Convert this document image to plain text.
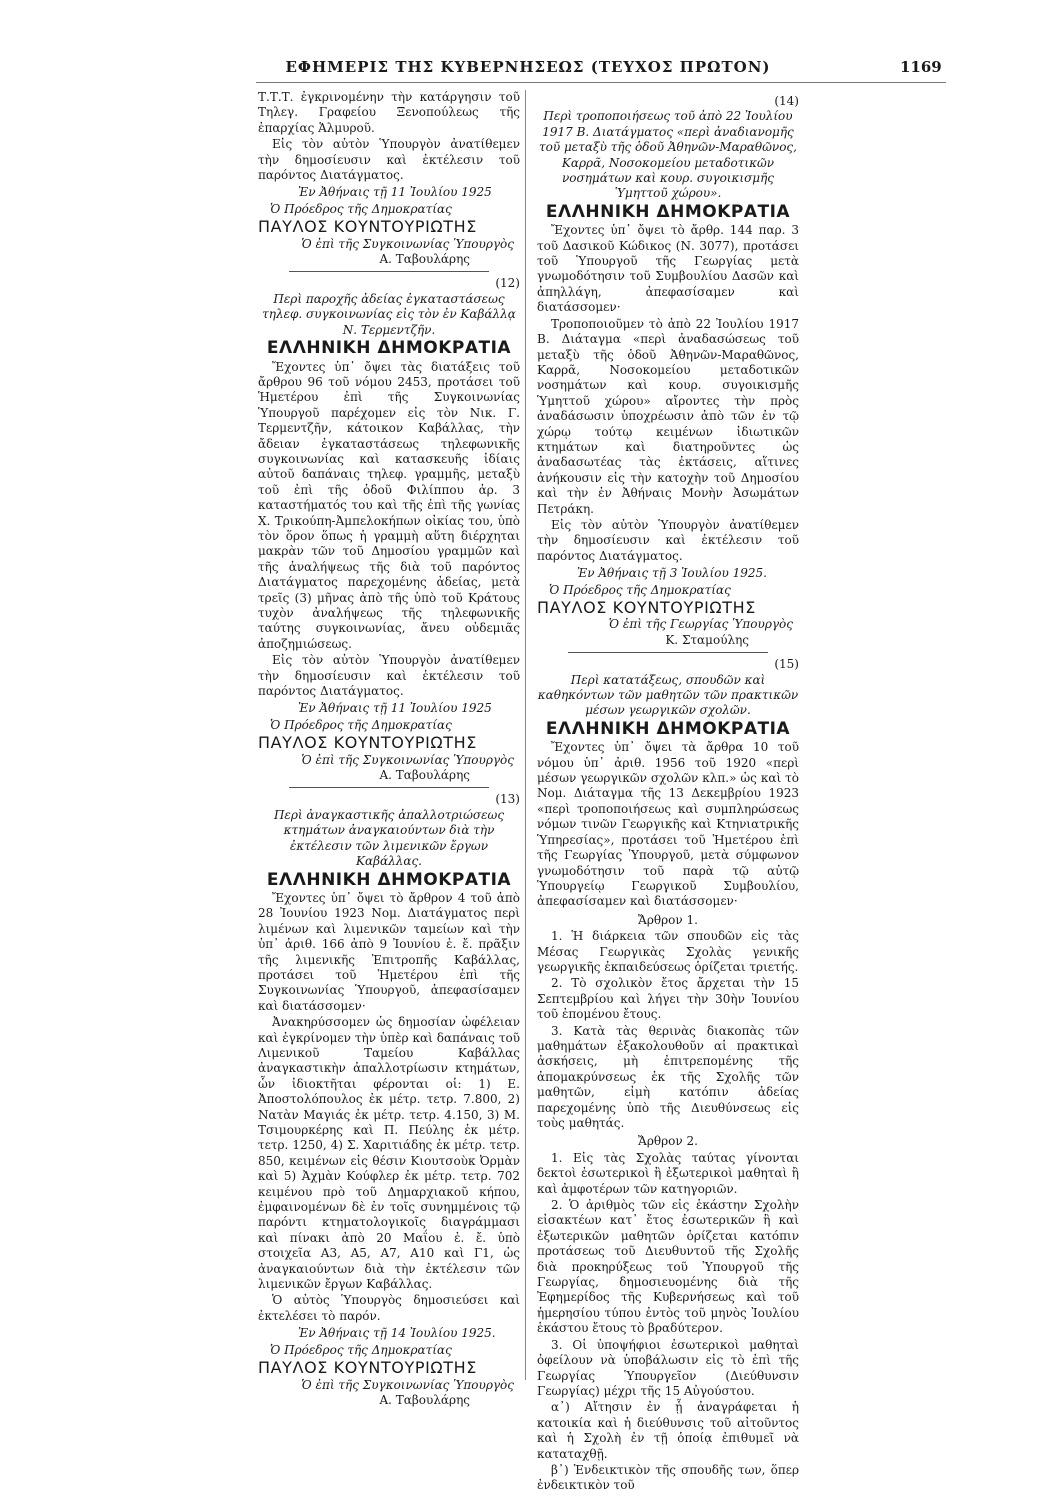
ΕΦΗΜΕΡΙΣ ΤΗΣ ΚΥΒΕΡΝΗΣΕΩΣ (ΤΕΥΧΟΣ ΠΡΩΤΟΝ)	1169

Τ.Τ.Τ. ἐγκρινομένην τὴν κατάργησιν τοῦ Τηλεγ. Γραφείου Ξενοπούλεως τῆς ἐπαρχίας Ἁλμυροῦ.

Εἰς τὸν αὐτὸν Ὑπουργὸν ἀνατίθεμεν τὴν δημοσίευσιν καὶ ἐκτέλεσιν τοῦ παρόντος Διατάγματος.

Ἐν Ἀθήναις τῇ 11 Ἰουλίου 1925

Ὁ Πρόεδρος τῆς Δημοκρατίας

ΠΑΥΛΟΣ ΚΟΥΝΤΟΥΡΙΩΤΗΣ

Ὁ ἐπὶ τῆς Συγκοινωνίας Ὑπουργὸς

Α. Ταβουλάρης

(12)

Περὶ παροχῆς ἀδείας ἐγκαταστάσεως τηλεφ. συγκοινωνίας εἰς τὸν ἐν Καβάλλᾳ Ν. Τερμεντζῆν.

ΕΛΛΗΝΙΚΗ ΔΗΜΟΚΡΑΤΙΑ

Ἔχοντες ὑπ᾽ ὄψει τὰς διατάξεις τοῦ ἄρθρου 96 τοῦ νόμου 2453, προτάσει τοῦ Ἡμετέρου ἐπὶ τῆς Συγκοινωνίας Ὑπουργοῦ παρέχομεν εἰς τὸν Νικ. Γ. Τερμεντζῆν, κάτοικον Καβάλλας, τὴν ἄδειαν ἐγκαταστάσεως τηλεφωνικῆς συγκοινωνίας καὶ κατασκευῆς ἰδίαις αὐτοῦ δαπάναις τηλεφ. γραμμῆς, μεταξὺ τοῦ ἐπὶ τῆς ὁδοῦ Φιλίππου ἀρ. 3 καταστήματός του καὶ τῆς ἐπὶ τῆς γωνίας Χ. Τρικούπη-Ἀμπελοκήπων οἰκίας του, ὑπὸ τὸν ὅρον ὅπως ἡ γραμμὴ αὕτη διέρχηται μακρὰν τῶν τοῦ Δημοσίου γραμμῶν καὶ τῆς ἀναλήψεως τῆς διὰ τοῦ παρόντος Διατάγματος παρεχομένης ἀδείας, μετὰ τρεῖς (3) μῆνας ἀπὸ τῆς ὑπὸ τοῦ Κράτους τυχὸν ἀναλήψεως τῆς τηλεφωνικῆς ταύτης συγκοινωνίας, ἄνευ οὐδεμιᾶς ἀποζημιώσεως.

Εἰς τὸν αὐτὸν Ὑπουργὸν ἀνατίθεμεν τὴν δημοσίευσιν καὶ ἐκτέλεσιν τοῦ παρόντος Διατάγματος.

Ἐν Ἀθήναις τῇ 11 Ἰουλίου 1925

Ὁ Πρόεδρος τῆς Δημοκρατίας

ΠΑΥΛΟΣ ΚΟΥΝΤΟΥΡΙΩΤΗΣ

Ὁ ἐπὶ τῆς Συγκοινωνίας Ὑπουργὸς

Α. Ταβουλάρης

(13)

Περὶ ἀναγκαστικῆς ἀπαλλοτριώσεως κτημάτων ἀναγκαιούντων διὰ τὴν ἐκτέλεσιν τῶν λιμενικῶν ἔργων Καβάλλας.

ΕΛΛΗΝΙΚΗ ΔΗΜΟΚΡΑΤΙΑ

Ἔχοντες ὑπ᾽ ὄψει τὸ ἄρθρον 4 τοῦ ἀπὸ 28 Ἰουνίου 1923 Νομ. Διατάγματος περὶ λιμένων καὶ λιμενικῶν ταμείων καὶ τὴν ὑπ᾽ ἀριθ. 166 ἀπὸ 9 Ἰουνίου ἐ. ἔ. πρᾶξιν τῆς λιμενικῆς Ἐπιτροπῆς Καβάλλας, προτάσει τοῦ Ἡμετέρου ἐπὶ τῆς Συγκοινωνίας Ὑπουργοῦ, ἀπεφασίσαμεν καὶ διατάσσομεν·

Ἀνακηρύσσομεν ὡς δημοσίαν ὠφέλειαν καὶ ἐγκρίνομεν τὴν ὑπὲρ καὶ δαπάναις τοῦ Λιμενικοῦ Ταμείου Καβάλλας ἀναγκαστικὴν ἀπαλλοτρίωσιν κτημάτων, ὧν ἰδιοκτῆται φέρονται οἱ: 1) Ε. Ἀποστολόπουλος ἐκ μέτρ. τετρ. 7.800, 2) Νατὰν Μαγιάς ἐκ μέτρ. τετρ. 4.150, 3) Μ. Τσιμουρκέρης καὶ Π. Πεύλης ἐκ μέτρ. τετρ. 1250, 4) Σ. Χαριτιάδης ἐκ μέτρ. τετρ. 850, κειμένων εἰς θέσιν Κιουτσοὺκ Ὀρμὰν καὶ 5) Ἀχμὰν Κούφλερ ἐκ μέτρ. τετρ. 702 κειμένου πρὸ τοῦ Δημαρχιακοῦ κήπου, ἐμφαινομένων δὲ ἐν τοῖς συνημμένοις τῷ παρόντι κτηματολογικοῖς διαγράμμασι καὶ πίνακι ἀπὸ 20 Μαΐου ἐ. ἔ. ὑπὸ στοιχεῖα Α3, Α5, Α7, Α10 καὶ Γ1, ὡς ἀναγκαιούντων διὰ τὴν ἐκτέλεσιν τῶν λιμενικῶν ἔργων Καβάλλας.

Ὁ αὐτὸς Ὑπουργὸς δημοσιεύσει καὶ ἐκτελέσει τὸ παρόν.

Ἐν Ἀθήναις τῇ 14 Ἰουλίου 1925.

Ὁ Πρόεδρος τῆς Δημοκρατίας

ΠΑΥΛΟΣ ΚΟΥΝΤΟΥΡΙΩΤΗΣ

Ὁ ἐπὶ τῆς Συγκοινωνίας Ὑπουργὸς

Α. Ταβουλάρης

(14)

Περὶ τροποποιήσεως τοῦ ἀπὸ 22 Ἰουλίου 1917 Β. Διατάγματος «περὶ ἀναδιανομῆς τοῦ μεταξὺ τῆς ὁδοῦ Ἀθηνῶν-Μαραθῶνος, Καρρᾶ, Νοσοκομείου μεταδοτικῶν νοσημάτων καὶ κουρ. συγοικισμῆς Ὑμηττοῦ χώρου».

ΕΛΛΗΝΙΚΗ ΔΗΜΟΚΡΑΤΙΑ

Ἔχοντες ὑπ᾽ ὄψει τὸ ἄρθρ. 144 παρ. 3 τοῦ Δασικοῦ Κώδικος (Ν. 3077), προτάσει τοῦ Ὑπουργοῦ τῆς Γεωργίας μετὰ γνωμοδότησιν τοῦ Συμβουλίου Δασῶν καὶ ἀπηλλάγη, ἀπεφασίσαμεν καὶ διατάσσομεν·

Τροποποιοῦμεν τὸ ἀπὸ 22 Ἰουλίου 1917 Β. Διάταγμα «περὶ ἀναδασώσεως τοῦ μεταξὺ τῆς ὁδοῦ Ἀθηνῶν-Μαραθῶνος, Καρρᾶ, Νοσοκομείου μεταδοτικῶν νοσημάτων καὶ κουρ. συγοικισμῆς Ὑμηττοῦ χώρου» αἴροντες τὴν πρὸς ἀναδάσωσιν ὑποχρέωσιν ἀπὸ τῶν ἐν τῷ χώρῳ τούτῳ κειμένων ἰδιωτικῶν κτημάτων καὶ διατηροῦντες ὡς ἀναδασωτέας τὰς ἐκτάσεις, αἵτινες ἀνήκουσιν εἰς τὴν κατοχὴν τοῦ Δημοσίου καὶ τὴν ἐν Ἀθήναις Μονὴν Ἀσωμάτων Πετράκη.

Εἰς τὸν αὐτὸν Ὑπουργὸν ἀνατίθεμεν τὴν δημοσίευσιν καὶ ἐκτέλεσιν τοῦ παρόντος Διατάγματος.

Ἐν Ἀθήναις τῇ 3 Ἰουλίου 1925.

Ὁ Πρόεδρος τῆς Δημοκρατίας

ΠΑΥΛΟΣ ΚΟΥΝΤΟΥΡΙΩΤΗΣ

Ὁ ἐπὶ τῆς Γεωργίας Ὑπουργὸς

Κ. Σταμούλης

(15)

Περὶ κατατάξεως, σπουδῶν καὶ καθηκόντων τῶν μαθητῶν τῶν πρακτικῶν μέσων γεωργικῶν σχολῶν.

ΕΛΛΗΝΙΚΗ ΔΗΜΟΚΡΑΤΙΑ

Ἔχοντες ὑπ᾽ ὄψει τὰ ἄρθρα 10 τοῦ νόμου ὑπ᾽ ἀριθ. 1956 τοῦ 1920 «περὶ μέσων γεωργικῶν σχολῶν κλπ.» ὡς καὶ τὸ Νομ. Διάταγμα τῆς 13 Δεκεμβρίου 1923 «περὶ τροποποιήσεως καὶ συμπληρώσεως νόμων τινῶν Γεωργικῆς καὶ Κτηνιατρικῆς Ὑπηρεσίας», προτάσει τοῦ Ἡμετέρου ἐπὶ τῆς Γεωργίας Ὑπουργοῦ, μετὰ σύμφωνον γνωμοδότησιν τοῦ παρὰ τῷ αὐτῷ Ὑπουργείῳ Γεωργικοῦ Συμβουλίου, ἀπεφασίσαμεν καὶ διατάσσομεν·

Ἄρθρον 1.

1. Ἡ διάρκεια τῶν σπουδῶν εἰς τὰς Μέσας Γεωργικὰς Σχολὰς γενικῆς γεωργικῆς ἐκπαιδεύσεως ὁρίζεται τριετής.

2. Τὸ σχολικὸν ἔτος ἄρχεται τὴν 15 Σεπτεμβρίου καὶ λήγει τὴν 30ὴν Ἰουνίου τοῦ ἐπομένου ἔτους.

3. Κατὰ τὰς θερινὰς διακοπὰς τῶν μαθημάτων ἐξακολουθοῦν αἱ πρακτικαὶ ἀσκήσεις, μὴ ἐπιτρεπομένης τῆς ἀπομακρύνσεως ἐκ τῆς Σχολῆς τῶν μαθητῶν, εἰμὴ κατόπιν ἀδείας παρεχομένης ὑπὸ τῆς Διευθύνσεως εἰς τοὺς μαθητάς.

Ἄρθρον 2.

1. Εἰς τὰς Σχολὰς ταύτας γίνονται δεκτοὶ ἐσωτερικοὶ ἢ ἐξωτερικοὶ μαθηταὶ ἢ καὶ ἀμφοτέρων τῶν κατηγοριῶν.

2. Ὁ ἀριθμὸς τῶν εἰς ἑκάστην Σχολὴν εἰσακτέων κατ᾽ ἔτος ἐσωτερικῶν ἢ καὶ ἐξωτερικῶν μαθητῶν ὁρίζεται κατόπιν προτάσεως τοῦ Διευθυντοῦ τῆς Σχολῆς διὰ προκηρύξεως τοῦ Ὑπουργοῦ τῆς Γεωργίας, δημοσιευομένης διὰ τῆς Ἐφημερίδος τῆς Κυβερνήσεως καὶ τοῦ ἡμερησίου τύπου ἐντὸς τοῦ μηνὸς Ἰουλίου ἑκάστου ἔτους τὸ βραδύτερον.

3. Οἱ ὑποψήφιοι ἐσωτερικοὶ μαθηταὶ ὀφείλουν νὰ ὑποβάλωσιν εἰς τὸ ἐπὶ τῆς Γεωργίας Ὑπουργεῖον (Διεύθυνσιν Γεωργίας) μέχρι τῆς 15 Αὐγούστου.

α᾽) Αἴτησιν ἐν ᾗ ἀναγράφεται ἡ κατοικία καὶ ἡ διεύθυνσις τοῦ αἰτοῦντος καὶ ἡ Σχολὴ ἐν τῇ ὁποίᾳ ἐπιθυμεῖ νὰ καταταχθῇ.

β᾽) Ἐνδεικτικὸν τῆς σπουδῆς των, ὅπερ ἐνδεικτικὸν τοῦ
